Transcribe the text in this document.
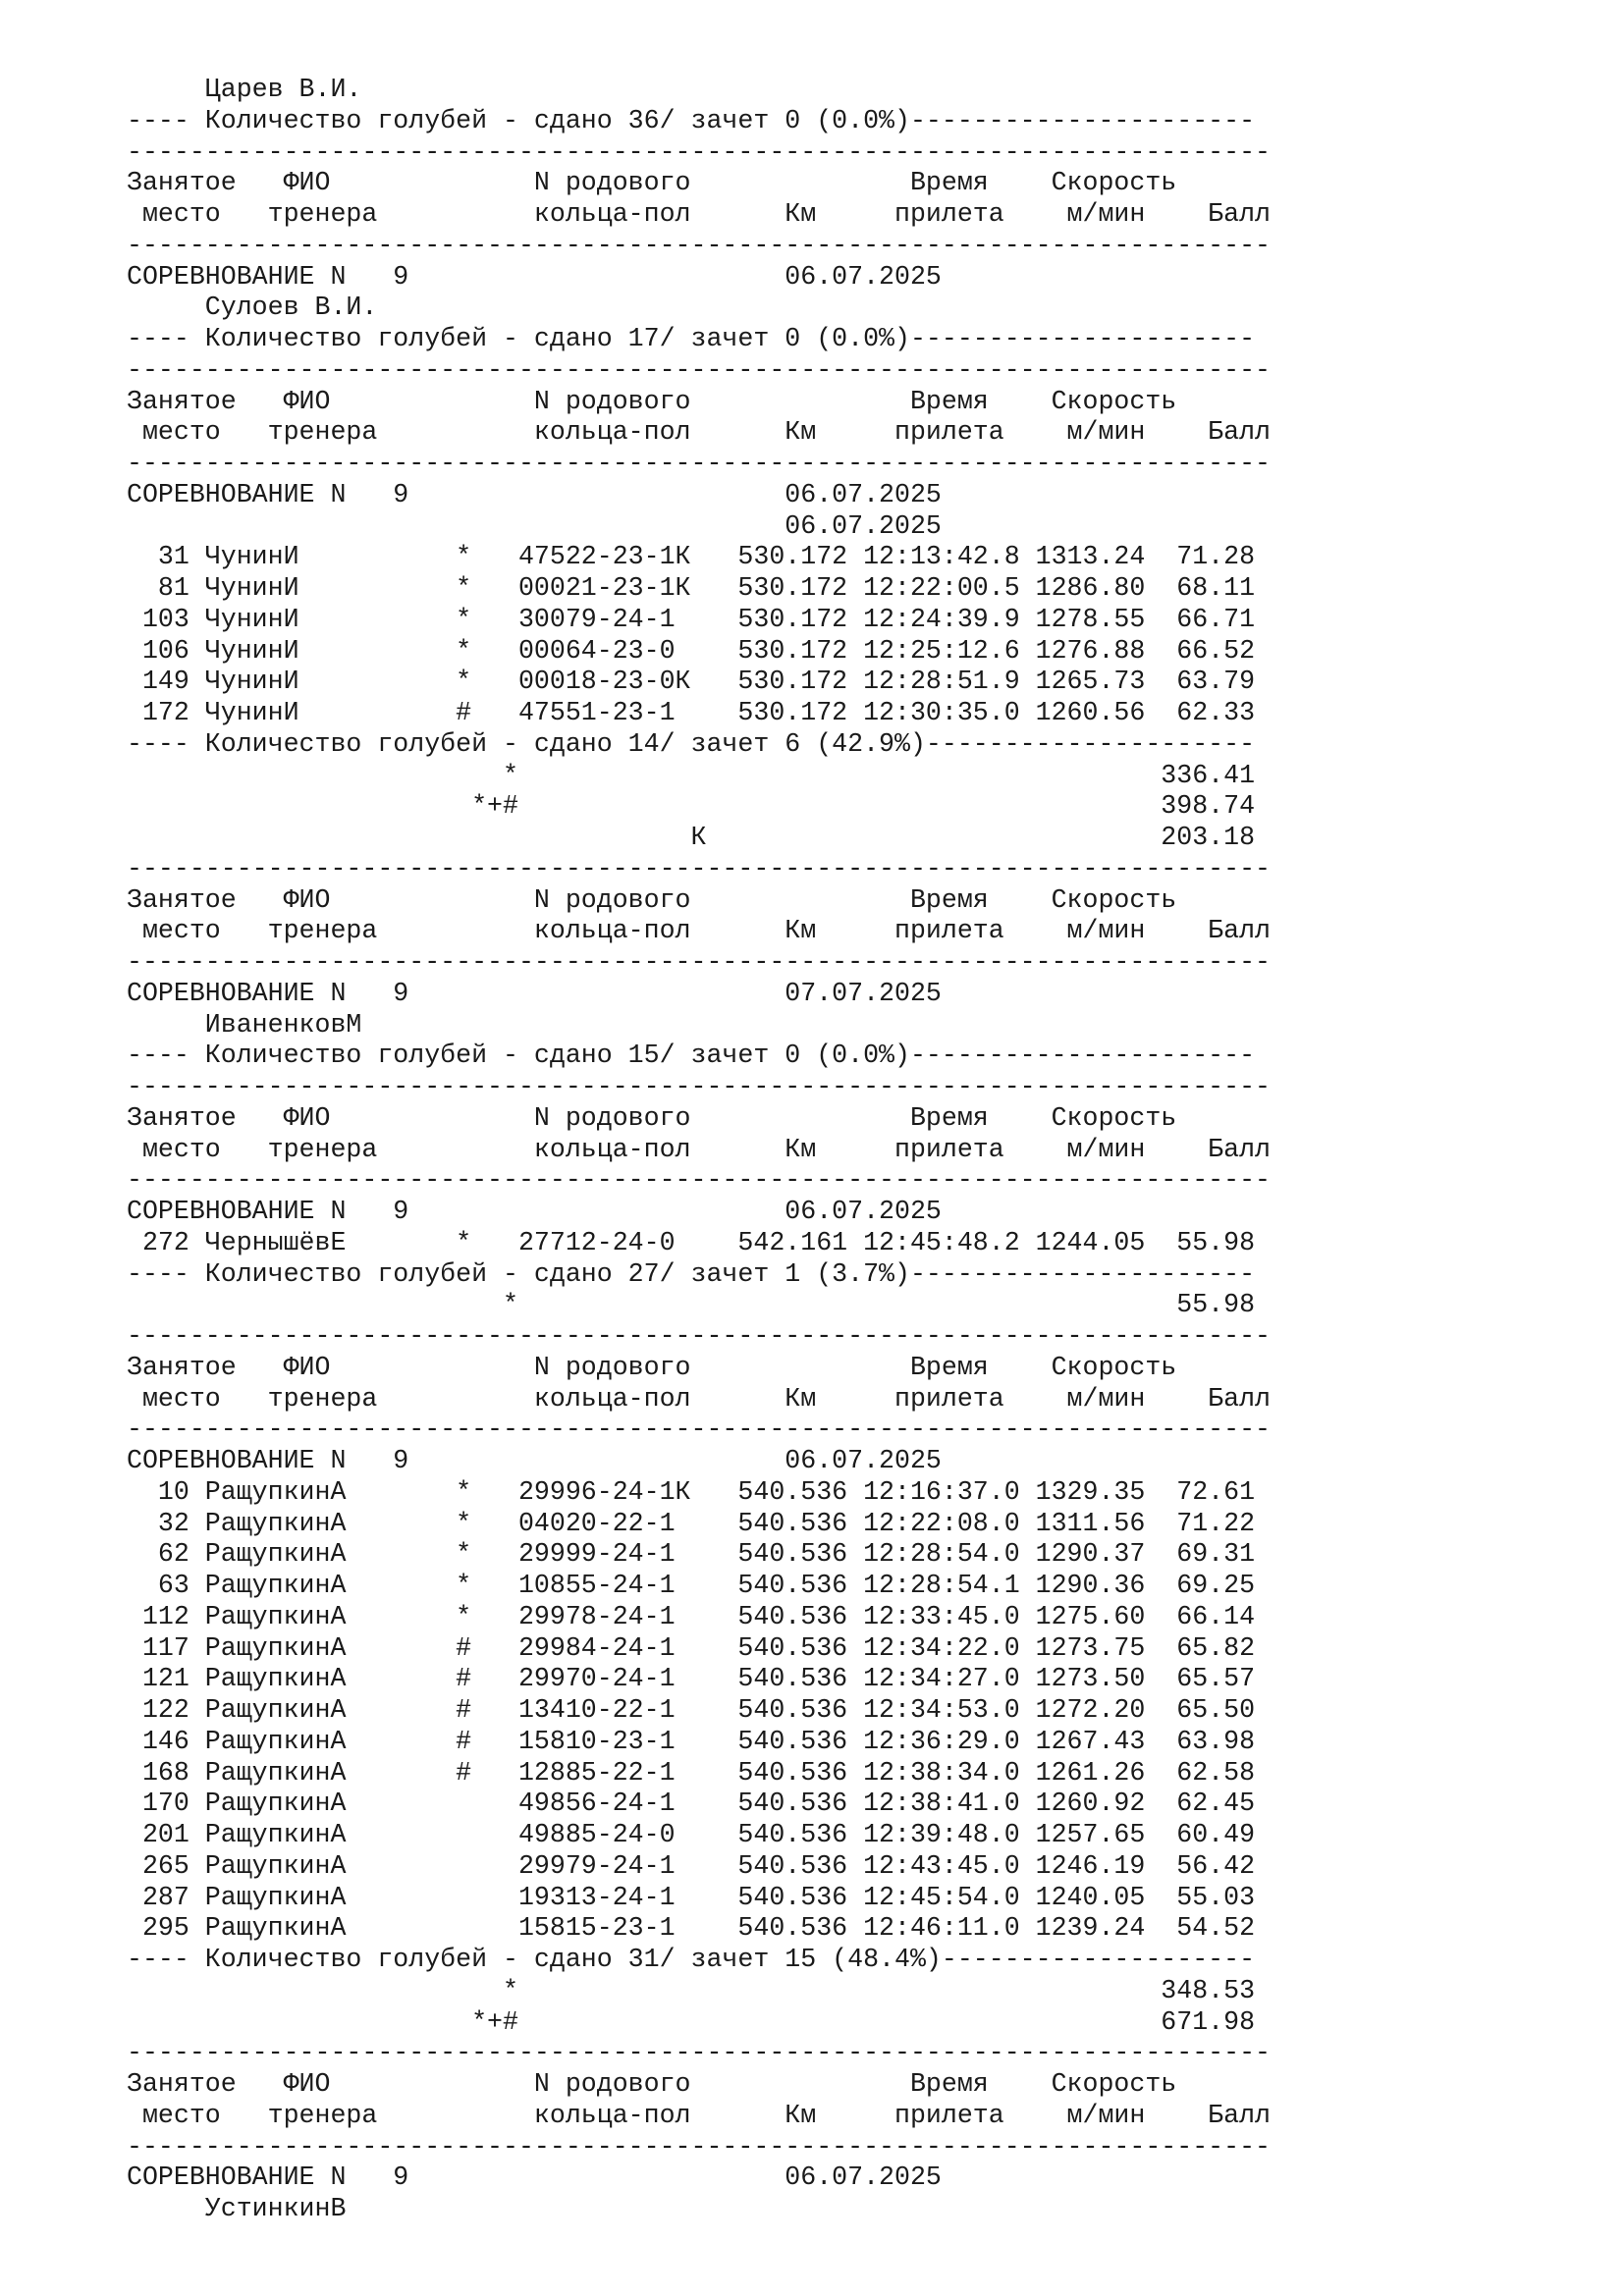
Царев В.И.
---- Количество голубей - сдано 36/ зачет 0 (0.0%)----------------------
-------------------------------------------------------------------------
Занятое   ФИО             N родового              Время    Скорость
место   тренера          кольца-пол      Км     прилета    м/мин    Балл
-------------------------------------------------------------------------
СОРЕВНОВАНИЕ N   9                        06.07.2025
Сулоев В.И.
---- Количество голубей - сдано 17/ зачет 0 (0.0%)----------------------
-------------------------------------------------------------------------
Занятое   ФИО             N родового              Время    Скорость
место   тренера          кольца-пол      Км     прилета    м/мин    Балл
-------------------------------------------------------------------------
СОРЕВНОВАНИЕ N   9                        06.07.2025
06.07.2025
31 ЧунинИ          *   47522-23-1К   530.172 12:13:42.8 1313.24  71.28
81 ЧунинИ          *   00021-23-1К   530.172 12:22:00.5 1286.80  68.11
103 ЧунинИ          *   30079-24-1    530.172 12:24:39.9 1278.55  66.71
106 ЧунинИ          *   00064-23-0    530.172 12:25:12.6 1276.88  66.52
149 ЧунинИ          *   00018-23-0К   530.172 12:28:51.9 1265.73  63.79
172 ЧунинИ          #   47551-23-1    530.172 12:30:35.0 1260.56  62.33
---- Количество голубей - сдано 14/ зачет 6 (42.9%)---------------------
*                                         336.41
*+#                                         398.74
К                             203.18
-------------------------------------------------------------------------
Занятое   ФИО             N родового              Время    Скорость
место   тренера          кольца-пол      Км     прилета    м/мин    Балл
-------------------------------------------------------------------------
СОРЕВНОВАНИЕ N   9                        07.07.2025
ИваненковМ
---- Количество голубей - сдано 15/ зачет 0 (0.0%)----------------------
-------------------------------------------------------------------------
Занятое   ФИО             N родового              Время    Скорость
место   тренера          кольца-пол      Км     прилета    м/мин    Балл
-------------------------------------------------------------------------
СОРЕВНОВАНИЕ N   9                        06.07.2025
272 ЧернышёвЕ       *   27712-24-0    542.161 12:45:48.2 1244.05  55.98
---- Количество голубей - сдано 27/ зачет 1 (3.7%)----------------------
*                                          55.98
-------------------------------------------------------------------------
Занятое   ФИО             N родового              Время    Скорость
место   тренера          кольца-пол      Км     прилета    м/мин    Балл
-------------------------------------------------------------------------
СОРЕВНОВАНИЕ N   9                        06.07.2025
10 РащупкинА       *   29996-24-1К   540.536 12:16:37.0 1329.35  72.61
32 РащупкинА       *   04020-22-1    540.536 12:22:08.0 1311.56  71.22
62 РащупкинА       *   29999-24-1    540.536 12:28:54.0 1290.37  69.31
63 РащупкинА       *   10855-24-1    540.536 12:28:54.1 1290.36  69.25
112 РащупкинА       *   29978-24-1    540.536 12:33:45.0 1275.60  66.14
117 РащупкинА       #   29984-24-1    540.536 12:34:22.0 1273.75  65.82
121 РащупкинА       #   29970-24-1    540.536 12:34:27.0 1273.50  65.57
122 РащупкинА       #   13410-22-1    540.536 12:34:53.0 1272.20  65.50
146 РащупкинА       #   15810-23-1    540.536 12:36:29.0 1267.43  63.98
168 РащупкинА       #   12885-22-1    540.536 12:38:34.0 1261.26  62.58
170 РащупкинА           49856-24-1    540.536 12:38:41.0 1260.92  62.45
201 РащупкинА           49885-24-0    540.536 12:39:48.0 1257.65  60.49
265 РащупкинА           29979-24-1    540.536 12:43:45.0 1246.19  56.42
287 РащупкинА           19313-24-1    540.536 12:45:54.0 1240.05  55.03
295 РащупкинА           15815-23-1    540.536 12:46:11.0 1239.24  54.52
---- Количество голубей - сдано 31/ зачет 15 (48.4%)--------------------
*                                         348.53
*+#                                         671.98
-------------------------------------------------------------------------
Занятое   ФИО             N родового              Время    Скорость
место   тренера          кольца-пол      Км     прилета    м/мин    Балл
-------------------------------------------------------------------------
СОРЕВНОВАНИЕ N   9                        06.07.2025
УстинкинВ
